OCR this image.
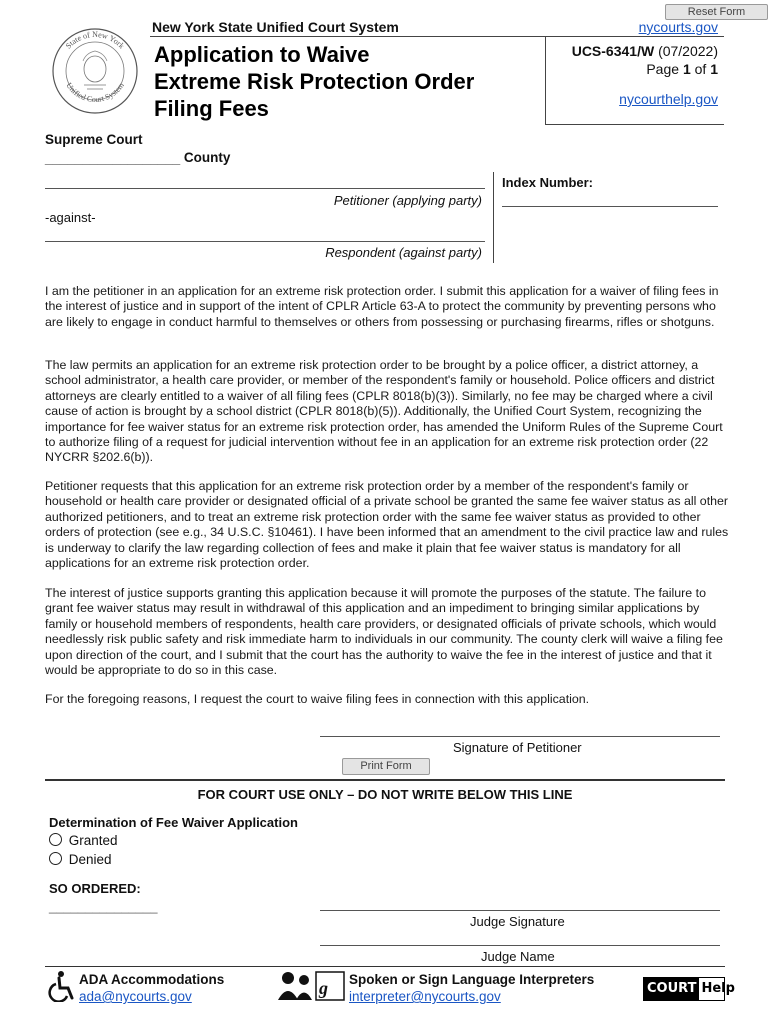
Reset Form
State of New York
Unified Court System
New York State Unified Court System
Application to Waive
Extreme Risk Protection Order
Filing Fees
nycourts.gov
UCS-6341/W (07/2022)
Page 1 of 1
nycourthelp.gov
Supreme Court
__________________ County
Petitioner (applying party)
-against-
Respondent (against party)
Index Number:

I am the petitioner in an application for an extreme risk protection order. I submit this application for a waiver of filing fees in the interest of justice and in support of the intent of CPLR Article 63-A to protect the community by preventing persons who are likely to engage in conduct harmful to themselves or others from possessing or purchasing firearms, rifles or shotguns.

The law permits an application for an extreme risk protection order to be brought by a police officer, a district attorney, a school administrator, a health care provider, or member of the respondent's family or household. Police officers and district attorneys are clearly entitled to a waiver of all filing fees (CPLR 8018(b)(3)). Similarly, no fee may be charged where a civil cause of action is brought by a school district (CPLR 8018(b)(5)). Additionally, the Unified Court System, recognizing the importance for fee waiver status for an extreme risk protection order, has amended the Uniform Rules of the Supreme Court to authorize filing of a request for judicial intervention without fee in an application for an extreme risk protection order (22 NYCRR §202.6(b)).

Petitioner requests that this application for an extreme risk protection order by a member of the respondent's family or household or health care provider or designated official of a private school be granted the same fee waiver status as all other authorized petitioners, and to treat an extreme risk protection order with the same fee waiver status as provided to other orders of protection (see e.g., 34 U.S.C. §10461). I have been informed that an amendment to the civil practice law and rules is underway to clarify the law regarding collection of fees and make it plain that fee waiver status is mandatory for all applications for an extreme risk protection order.

The interest of justice supports granting this application because it will promote the purposes of the statute. The failure to grant fee waiver status may result in withdrawal of this application and an impediment to bringing similar applications by family or household members of respondents, health care providers, or designated officials of private schools, which would needlessly risk public safety and risk immediate harm to individuals in our community. The county clerk will waive a filing fee upon direction of the court, and I submit that the court has the authority to waive the fee in the interest of justice and that it would be appropriate to do so in this case.

For the foregoing reasons, I request the court to waive filing fees in connection with this application.

Signature of Petitioner
Print Form
FOR COURT USE ONLY – DO NOT WRITE BELOW THIS LINE
Determination of Fee Waiver Application
Granted
Denied
SO ORDERED:
_______________
Judge Signature
Judge Name
ADA Accommodations
ada@nycourts.gov	g Spoken or Sign Language Interpreters
interpreter@nycourts.gov
COURT Help
